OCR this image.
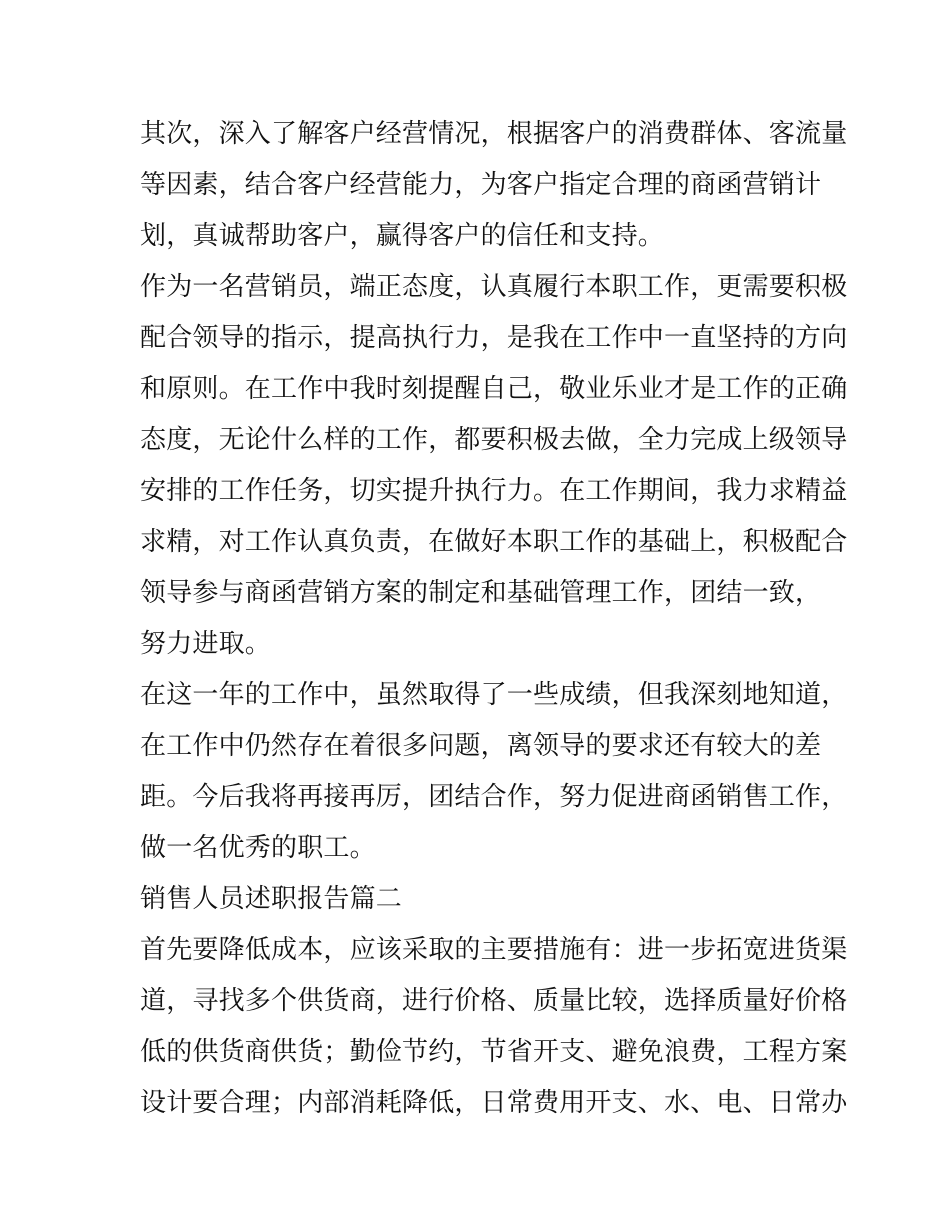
其次，深入了解客户经营情况，根据客户的消费群体、客流量
等因素，结合客户经营能力，为客户指定合理的商函营销计
划，真诚帮助客户，赢得客户的信任和支持。
作为一名营销员，端正态度，认真履行本职工作，更需要积极
配合领导的指示，提高执行力，是我在工作中一直坚持的方向
和原则。在工作中我时刻提醒自己，敬业乐业才是工作的正确
态度，无论什么样的工作，都要积极去做，全力完成上级领导
安排的工作任务，切实提升执行力。在工作期间，我力求精益
求精，对工作认真负责，在做好本职工作的基础上，积极配合
领导参与商函营销方案的制定和基础管理工作，团结一致，
努力进取。
在这一年的工作中，虽然取得了一些成绩，但我深刻地知道，
在工作中仍然存在着很多问题，离领导的要求还有较大的差
距。今后我将再接再厉，团结合作，努力促进商函销售工作，
做一名优秀的职工。
销售人员述职报告篇二
首先要降低成本，应该采取的主要措施有：进一步拓宽进货渠
道，寻找多个供货商，进行价格、质量比较，选择质量好价格
低的供货商供货；勤俭节约，节省开支、避免浪费，工程方案
设计要合理；内部消耗降低，日常费用开支、水、电、日常办
